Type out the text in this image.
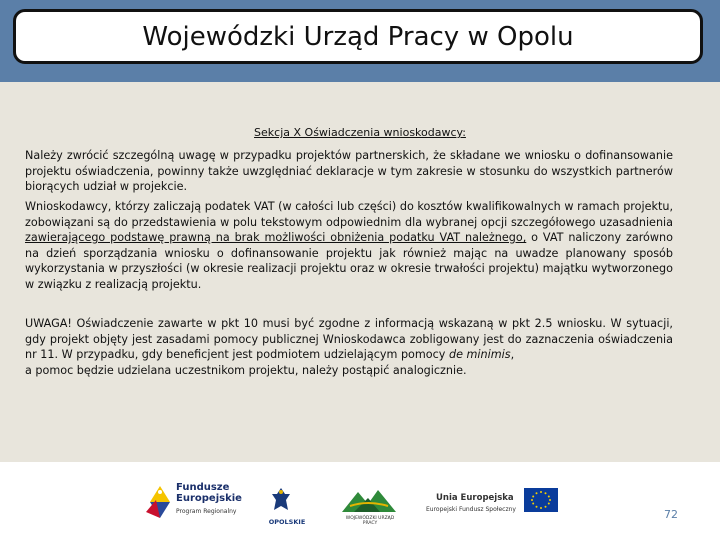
Wojewódzki Urząd Pracy w Opolu
Sekcja X Oświadczenia wnioskodawcy:

Należy zwrócić szczególną uwagę w przypadku projektów partnerskich, że składane we wniosku o dofinansowanie projektu oświadczenia, powinny także uwzględniać deklaracje w tym zakresie w stosunku do wszystkich partnerów biorących udział w projekcie.

Wnioskodawcy, którzy zaliczają podatek VAT (w całości lub części) do kosztów kwalifikowalnych w ramach projektu, zobowiązani są do przedstawienia w polu tekstowym odpowiednim dla wybranej opcji szczegółowego uzasadnienia zawierającego podstawę prawną na brak możliwości obniżenia podatku VAT należnego, o VAT naliczony zarówno na dzień sporządzania wniosku o dofinansowanie projektu jak również mając na uwadze planowany sposób wykorzystania w przyszłości (w okresie realizacji projektu oraz w okresie trwałości projektu) majątku wytworzonego w związku z realizacją projektu.

UWAGA! Oświadczenie zawarte w pkt 10 musi być zgodne z informacją wskazaną w pkt 2.5 wniosku. W sytuacji, gdy projekt objęty jest zasadami pomocy publicznej Wnioskodawca zobligowany jest do zaznaczenia oświadczenia nr 11. W przypadku, gdy beneficjent jest podmiotem udzielającym pomocy de minimis,
a pomoc będzie udzielana uczestnikom projektu, należy postąpić analogicznie.

Fundusze
Europejskie
Program Regionalny
OPOLSKIE	WOJEWÓDZKI URZĄD PRACY
Unia Europejska
Europejski Fundusz Społeczny	72
